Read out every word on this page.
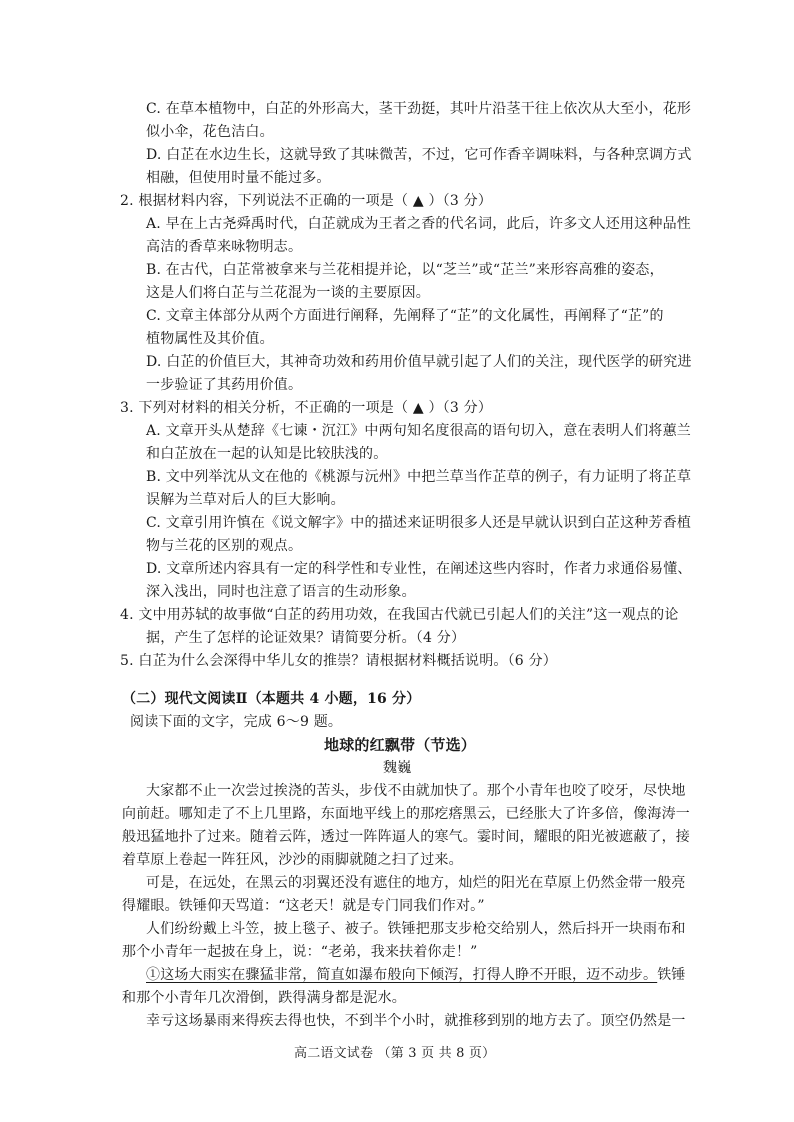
C. 在草本植物中，白芷的外形高大，茎干劲挺，其叶片沿茎干往上依次从大至小，花形
似小伞，花色洁白。
D. 白芷在水边生长，这就导致了其味微苦，不过，它可作香辛调味料，与各种烹调方式
相融，但使用时量不能过多。
2. 根据材料内容，下列说法不正确的一项是（ ▲ ）（3 分）
A. 早在上古尧舜禹时代，白芷就成为王者之香的代名词，此后，许多文人还用这种品性
高洁的香草来咏物明志。
B. 在古代，白芷常被拿来与兰花相提并论，以“芝兰”或“芷兰”来形容高雅的姿态，
这是人们将白芷与兰花混为一谈的主要原因。
C. 文章主体部分从两个方面进行阐释，先阐释了“芷”的文化属性，再阐释了“芷”的
植物属性及其价值。
D. 白芷的价值巨大，其神奇功效和药用价值早就引起了人们的关注，现代医学的研究进
一步验证了其药用价值。
3. 下列对材料的相关分析，不正确的一项是（ ▲ ）（3 分）
A. 文章开头从楚辞《七谏・沉江》中两句知名度很高的语句切入，意在表明人们将蕙兰
和白芷放在一起的认知是比较肤浅的。
B. 文中列举沈从文在他的《桃源与沅州》中把兰草当作芷草的例子，有力证明了将芷草
误解为兰草对后人的巨大影响。
C. 文章引用许慎在《说文解字》中的描述来证明很多人还是早就认识到白芷这种芳香植
物与兰花的区别的观点。
D. 文章所述内容具有一定的科学性和专业性，在阐述这些内容时，作者力求通俗易懂、
深入浅出，同时也注意了语言的生动形象。
4. 文中用苏轼的故事做“白芷的药用功效，在我国古代就已引起人们的关注”这一观点的论
据，产生了怎样的论证效果？请简要分析。（4 分）
5. 白芷为什么会深得中华儿女的推崇？请根据材料概括说明。（6 分）
（二）现代文阅读Ⅱ（本题共 4 小题，16 分）
阅读下面的文字，完成 6～9 题。
地球的红飘带（节选）
魏巍
大家都不止一次尝过挨浇的苦头，步伐不由就加快了。那个小青年也咬了咬牙，尽快地
向前赶。哪知走了不上几里路，东面地平线上的那疙瘩黑云，已经胀大了许多倍，像海涛一
般迅猛地扑了过来。随着云阵，透过一阵阵逼人的寒气。霎时间，耀眼的阳光被遮蔽了，接
着草原上卷起一阵狂风，沙沙的雨脚就随之扫了过来。
可是，在远处，在黑云的羽翼还没有遮住的地方，灿烂的阳光在草原上仍然金带一般亮
得耀眼。铁锤仰天骂道：“这老天！就是专门同我们作对。”
人们纷纷戴上斗笠，披上毯子、被子。铁锤把那支步枪交给别人，然后抖开一块雨布和
那个小青年一起披在身上，说：“老弟，我来扶着你走！”
①这场大雨实在骤猛非常，简直如瀑布般向下倾泻，打得人睁不开眼，迈不动步。铁锤
和那个小青年几次滑倒，跌得满身都是泥水。
幸亏这场暴雨来得疾去得也快，不到半个小时，就推移到别的地方去了。顶空仍然是一
高二语文试卷 （第 3 页 共 8 页）
